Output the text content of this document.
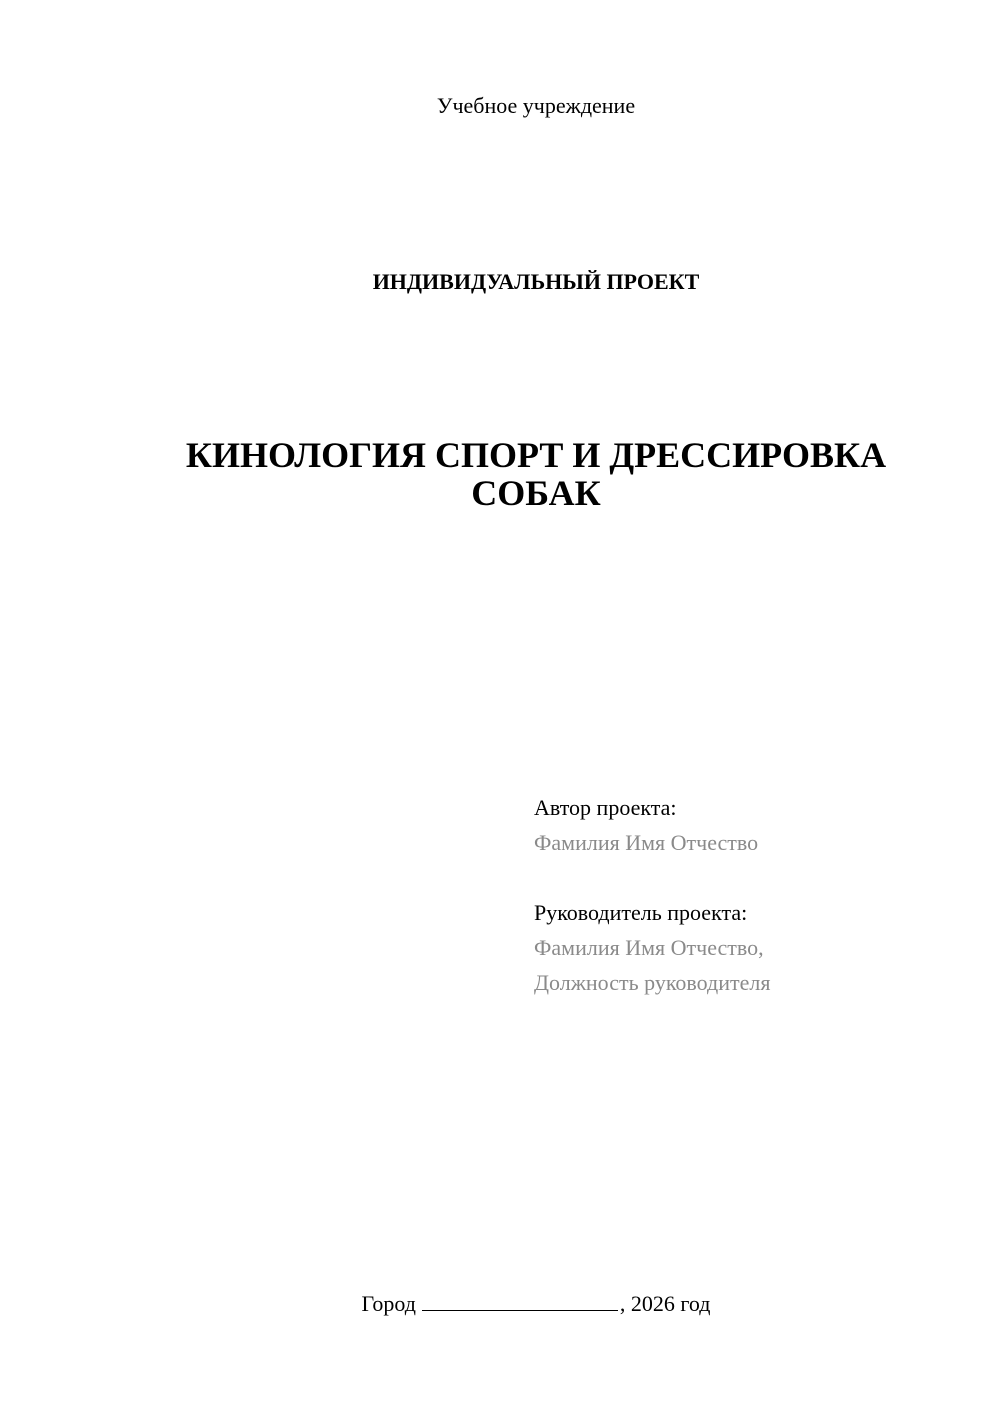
Учебное учреждение
ИНДИВИДУАЛЬНЫЙ ПРОЕКТ
КИНОЛОГИЯ СПОРТ И ДРЕССИРОВКА
СОБАК
Автор проекта:
Фамилия Имя Отчество
Руководитель проекта:
Фамилия Имя Отчество,
Должность руководителя
Город	, 2026 год
